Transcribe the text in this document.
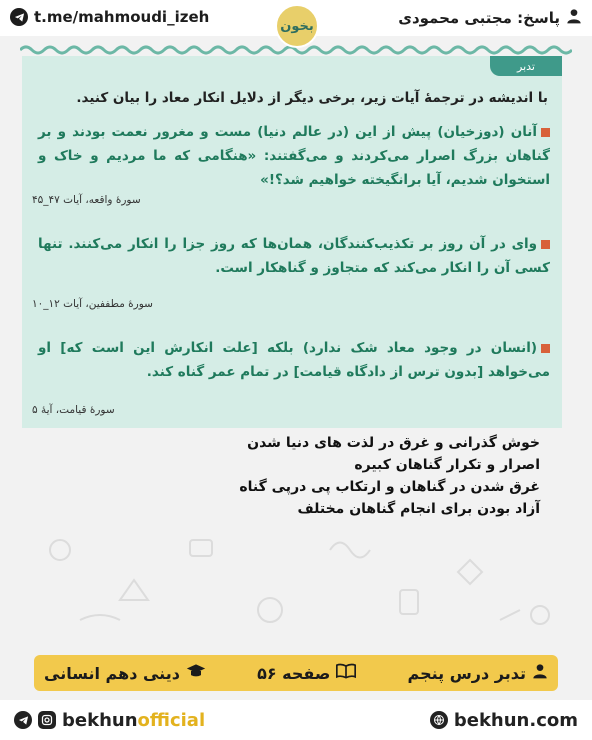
t.me/mahmoudi_izeh	پاسخ: مجتبی محمودی
بخون
تدبر
با اندیشه در ترجمهٔ آیات زیر، برخی دیگر از دلایل انکار معاد را بیان کنید.
آنان (دوزخیان) پیش از این (در عالم دنیا) مست و مغرور نعمت بودند و بر گناهان بزرگ اصرار می‌کردند و می‌گفتند: «هنگامی که ما مردیم و خاک و استخوان شدیم، آیا برانگیخته خواهیم شد؟!»
سورهٔ واقعه، آیات ۴۷_۴۵
وای در آن روز بر تکذیب‌کنندگان، همان‌ها که روز جزا را انکار می‌کنند. تنها کسی آن را انکار می‌کند که متجاوز و گناهکار است.
سورهٔ مطففین، آیات ۱۲_۱۰
(انسان در وجود معاد شک ندارد) بلکه [علت انکارش این است که] او می‌خواهد [بدون ترس از دادگاه قیامت] در تمام عمر گناه کند.
سورهٔ قیامت، آیهٔ ۵
خوش گذرانی و غرق در لذت های دنیا شدن
اصرار و تکرار گناهان کبیره
غرق شدن در گناهان و ارتکاب پی درپی گناه
آزاد بودن برای انجام گناهان مختلف
تدبر درس پنجم
صفحه ۵۶
دینی دهم انسانی
bekhunofficial	bekhun.com
